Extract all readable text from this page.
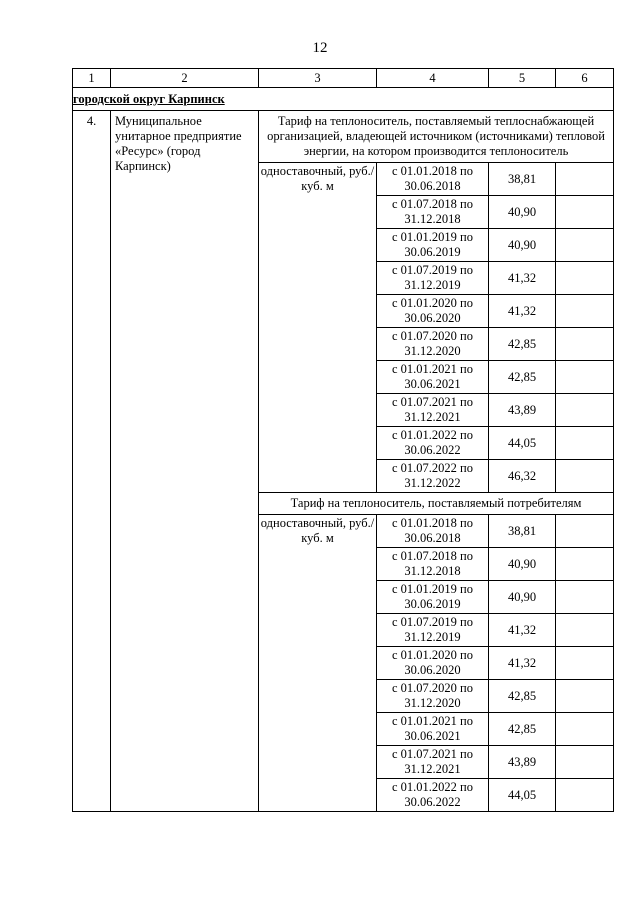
12
1	2	3	4	5	6
городской округ Карпинск					
4.	Муниципальное унитарное предприятие «Ресурс» (город Карпинск)	Тариф на теплоноситель, поставляемый теплоснабжающей организацией, владеющей источником (источниками) тепловой энергии, на котором производится теплоноситель			
		одноставочный, руб./куб. м	с 01.01.2018 по 30.06.2018	38,81	
			с 01.07.2018 по 31.12.2018	40,90	
			с 01.01.2019 по 30.06.2019	40,90	
			с 01.07.2019 по 31.12.2019	41,32	
			с 01.01.2020 по 30.06.2020	41,32	
			с 01.07.2020 по 31.12.2020	42,85	
			с 01.01.2021 по 30.06.2021	42,85	
			с 01.07.2021 по 31.12.2021	43,89	
			с 01.01.2022 по 30.06.2022	44,05	
			с 01.07.2022 по 31.12.2022	46,32	
		Тариф на теплоноситель, поставляемый потребителям			
		одноставочный, руб./куб. м	с 01.01.2018 по 30.06.2018	38,81	
			с 01.07.2018 по 31.12.2018	40,90	
			с 01.01.2019 по 30.06.2019	40,90	
			с 01.07.2019 по 31.12.2019	41,32	
			с 01.01.2020 по 30.06.2020	41,32	
			с 01.07.2020 по 31.12.2020	42,85	
			с 01.01.2021 по 30.06.2021	42,85	
			с 01.07.2021 по 31.12.2021	43,89	
			с 01.01.2022 по 30.06.2022	44,05	
